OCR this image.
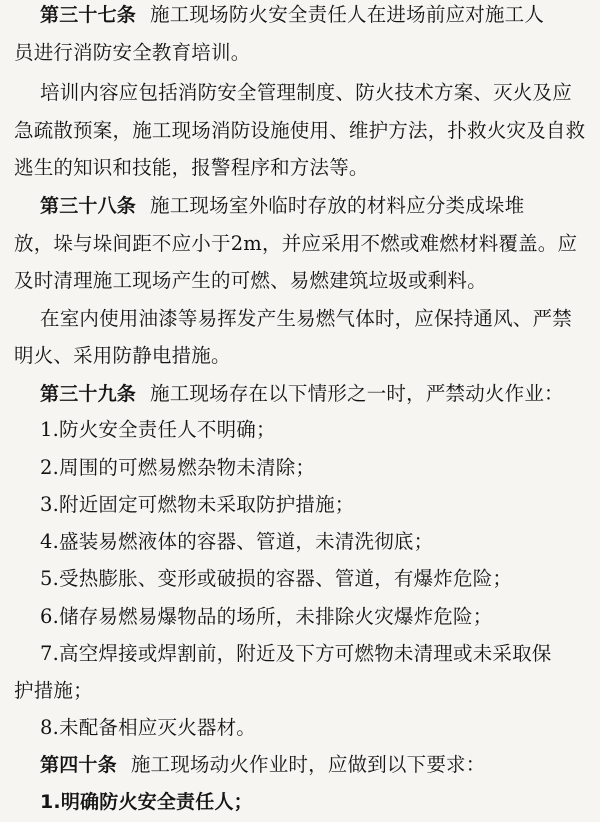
第三十七条 施工现场防火安全责任人在进场前应对施工人
员进行消防安全教育培训。
培训内容应包括消防安全管理制度、防火技术方案、灭火及应
急疏散预案，施工现场消防设施使用、维护方法，扑救火灾及自救
逃生的知识和技能，报警程序和方法等。
第三十八条 施工现场室外临时存放的材料应分类成垛堆
放，垛与垛间距不应小于2m，并应采用不燃或难燃材料覆盖。应
及时清理施工现场产生的可燃、易燃建筑垃圾或剩料。
在室内使用油漆等易挥发产生易燃气体时，应保持通风、严禁
明火、采用防静电措施。
第三十九条 施工现场存在以下情形之一时，严禁动火作业：
1.防火安全责任人不明确；
2.周围的可燃易燃杂物未清除；
3.附近固定可燃物未采取防护措施；
4.盛装易燃液体的容器、管道，未清洗彻底；
5.受热膨胀、变形或破损的容器、管道，有爆炸危险；
6.储存易燃易爆物品的场所，未排除火灾爆炸危险；
7.高空焊接或焊割前，附近及下方可燃物未清理或未采取保
护措施；
8.未配备相应灭火器材。
第四十条 施工现场动火作业时，应做到以下要求：
1.明确防火安全责任人；
